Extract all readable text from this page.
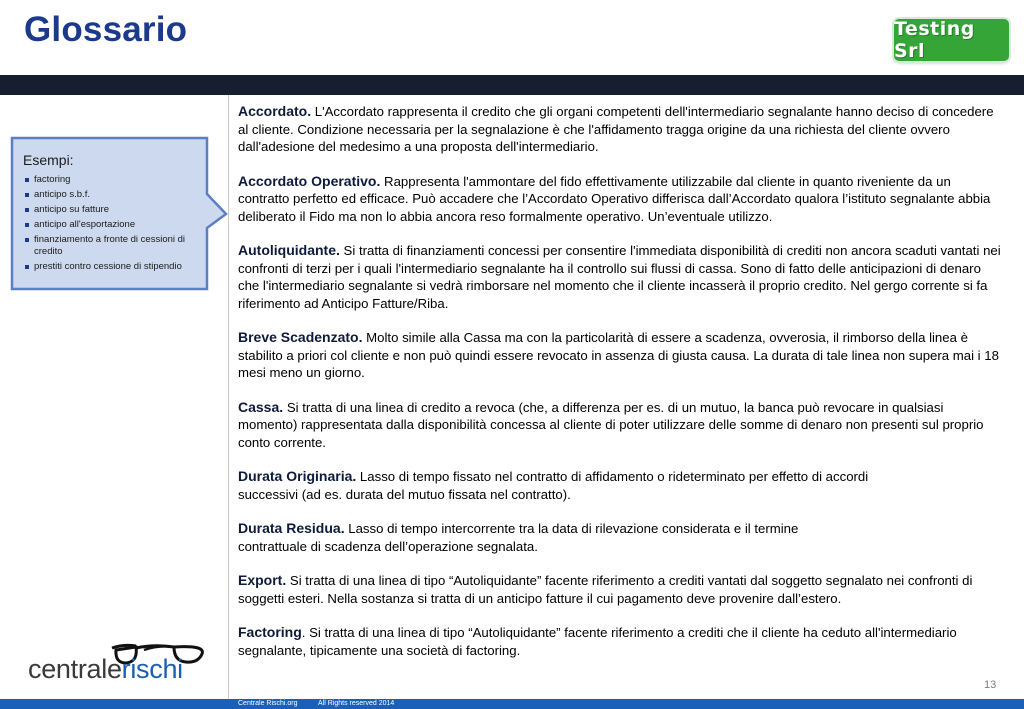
Glossario	Testing Srl
Esempi:
factoring
anticipo s.b.f.
anticipo su fatture
anticipo all'esportazione
finanziamento a fronte di cessioni di credito
prestiti contro cessione di stipendio

Accordato. L'Accordato rappresenta il credito che gli organi competenti dell'intermediario segnalante hanno deciso di concedere al cliente. Condizione necessaria per la segnalazione è che l'affidamento tragga origine da una richiesta del cliente ovvero dall'adesione del medesimo a una proposta dell'intermediario.

Accordato Operativo. Rappresenta l'ammontare del fido effettivamente utilizzabile dal cliente in quanto riveniente da un contratto perfetto ed efficace. Può accadere che l’Accordato Operativo differisca dall’Accordato qualora l’istituto segnalante abbia deliberato il Fido ma non lo abbia ancora reso formalmente operativo. Un’eventuale utilizzo.

Autoliquidante. Si tratta di finanziamenti concessi per consentire l'immediata disponibilità di crediti non ancora scaduti vantati nei confronti di terzi per i quali l'intermediario segnalante ha il controllo sui flussi di cassa. Sono di fatto delle anticipazioni di denaro che l'intermediario segnalante si vedrà rimborsare nel momento che il cliente incasserà il proprio credito. Nel gergo corrente si fa riferimento ad Anticipo Fatture/Riba.

Breve Scadenzato. Molto simile alla Cassa ma con la particolarità di essere a scadenza, ovverosia, il rimborso della linea è stabilito a priori col cliente e non può quindi essere revocato in assenza di giusta causa. La durata di tale linea non supera mai i 18 mesi meno un giorno.

Cassa. Si tratta di una linea di credito a revoca (che, a differenza per es. di un mutuo, la banca può revocare in qualsiasi momento) rappresentata dalla disponibilità concessa al cliente di poter utilizzare delle somme di denaro non presenti sul proprio conto corrente.

Durata Originaria. Lasso di tempo fissato nel contratto di affidamento o rideterminato per effetto di accordi successivi (ad es. durata del mutuo fissata nel contratto).

Durata Residua. Lasso di tempo intercorrente tra la data di rilevazione considerata e il termine contrattuale di scadenza dell’operazione segnalata.

Export. Si tratta di una linea di tipo “Autoliquidante” facente riferimento a crediti vantati dal soggetto segnalato nei confronti di soggetti esteri. Nella sostanza si tratta di un anticipo fatture il cui pagamento deve provenire dall’estero.

Factoring. Si tratta di una linea di tipo “Autoliquidante” facente riferimento a crediti che il cliente ha ceduto all'intermediario segnalante, tipicamente una società di factoring.

centralerischi
13
Centrale Rischi.org	All Rights reserved 2014
